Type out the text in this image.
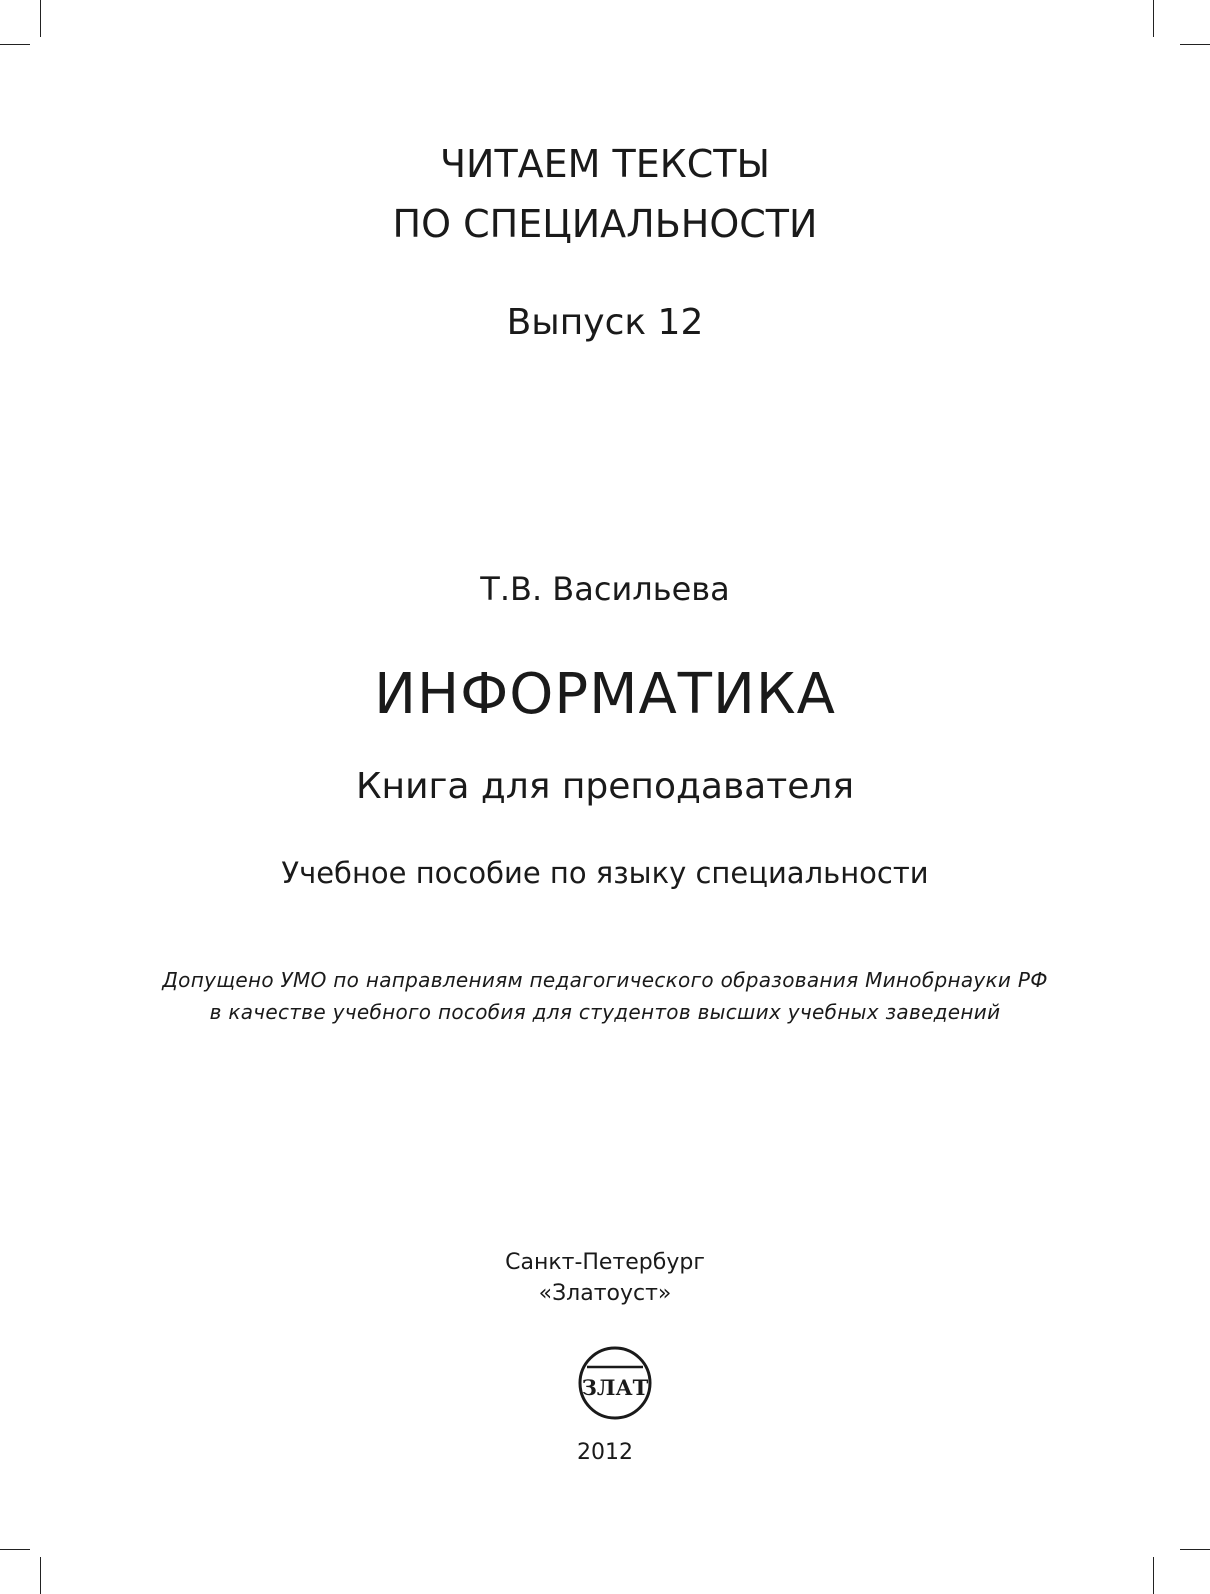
ЧИТАЕМ ТЕКСТЫ
ПО СПЕЦИАЛЬНОСТИ
Выпуск 12
Т.В. Васильева
ИНФОРМАТИКА
Книга для преподавателя
Учебное пособие по языку специальности
Допущено УМО по направлениям педагогического образования Минобрнауки РФ
в качестве учебного пособия для студентов высших учебных заведений
Санкт-Петербург
«Златоуст»
ЗЛАТ
2012
